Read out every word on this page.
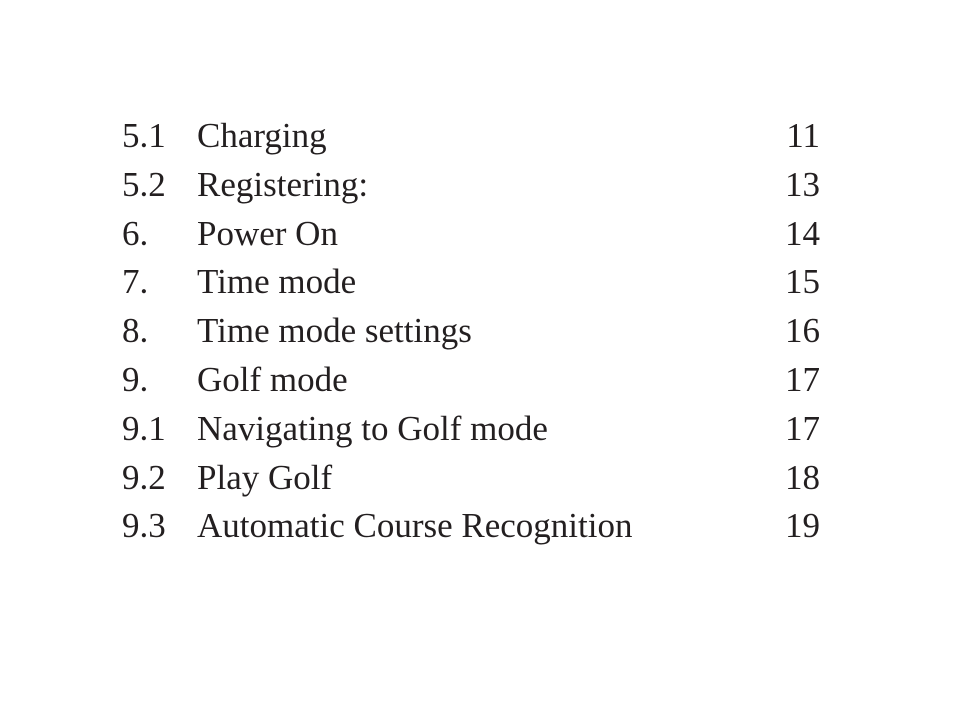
5.1 Charging	11
5.2 Registering:	13
6. Power On	14
7. Time mode	15
8. Time mode settings	16
9. Golf mode	17
9.1 Navigating to Golf mode	17
9.2 Play Golf	18
9.3 Automatic Course Recognition	19
